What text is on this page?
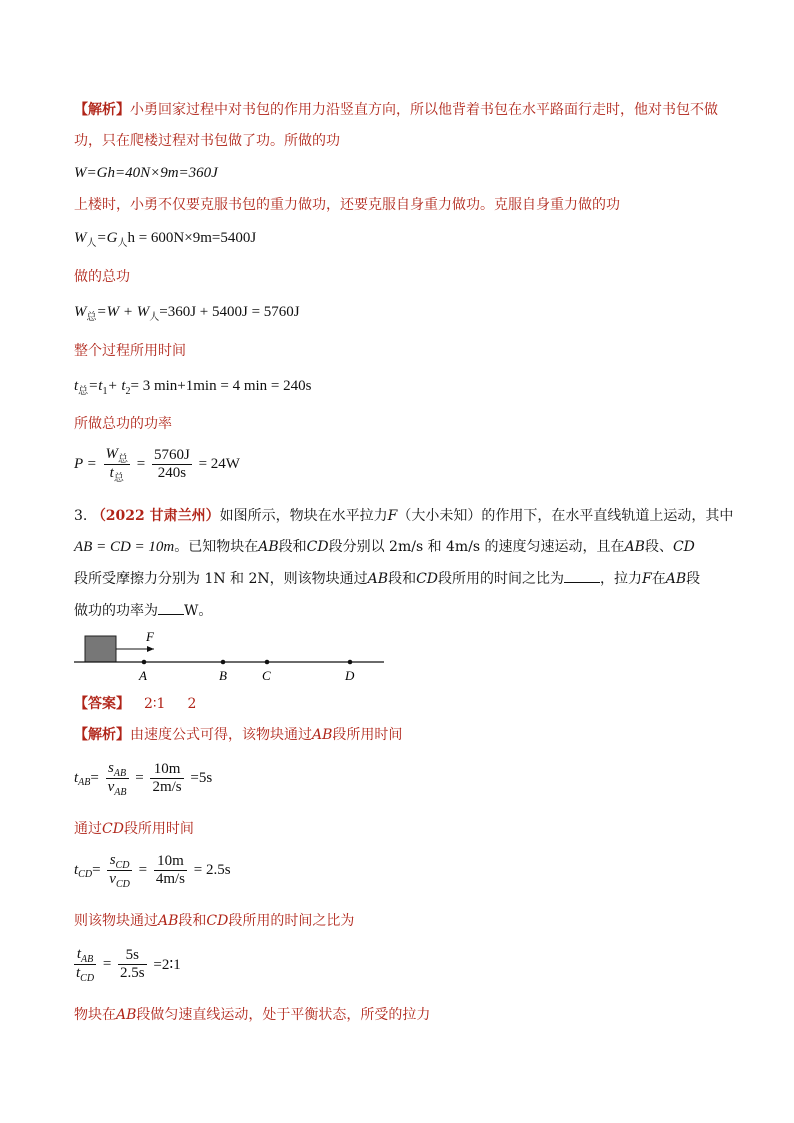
【解析】小勇回家过程中对书包的作用力沿竖直方向，所以他背着书包在水平路面行走时，他对书包不做
功，只在爬楼过程对书包做了功。所做的功
W=Gh=40N×9m=360J
上楼时，小勇不仅要克服书包的重力做功，还要克服自身重力做功。克服自身重力做的功
$W_人=G_人h = 600N\times 9m=5400J$
做的总功
$W_总=W + W_人=360J + 5400J = 5760J$
整个过程所用时间
$t_总=t_1+ t_2= 3$ min+1min = 4 min = 240s
所做总功的功率
$P = \frac{W_总}{t_总} = \frac{5760J}{240s} = 24W$
3. （2022 甘肃兰州）如图所示，物块在水平拉力F（大小未知）的作用下，在水平直线轨道上运动，其中
AB = CD = 10m。已知物块在AB段和CD段分别以 2m/s 和 4m/s 的速度匀速运动，且在AB段、CD
段所受摩擦力分别为 1N 和 2N，则该物块通过AB段和CD段所用的时间之比为	，拉力F在AB段
做功的功率为 W。
F
A	B	C	D
【答案】 2∶1 2
【解析】由速度公式可得，该物块通过AB段所用时间
$t_{AB}= \frac{s_{AB}}{v_{AB}} = \frac{10m}{2m/s} =5s$
通过CD段所用时间
$t_{CD}= \frac{s_{CD}}{v_{CD}} = \frac{10m}{4m/s} = 2.5s$
则该物块通过AB段和CD段所用的时间之比为
$\frac{t_{AB}}{t_{CD}} = \frac{5s}{2.5s}$ =2∶1
物块在AB段做匀速直线运动，处于平衡状态，所受的拉力
